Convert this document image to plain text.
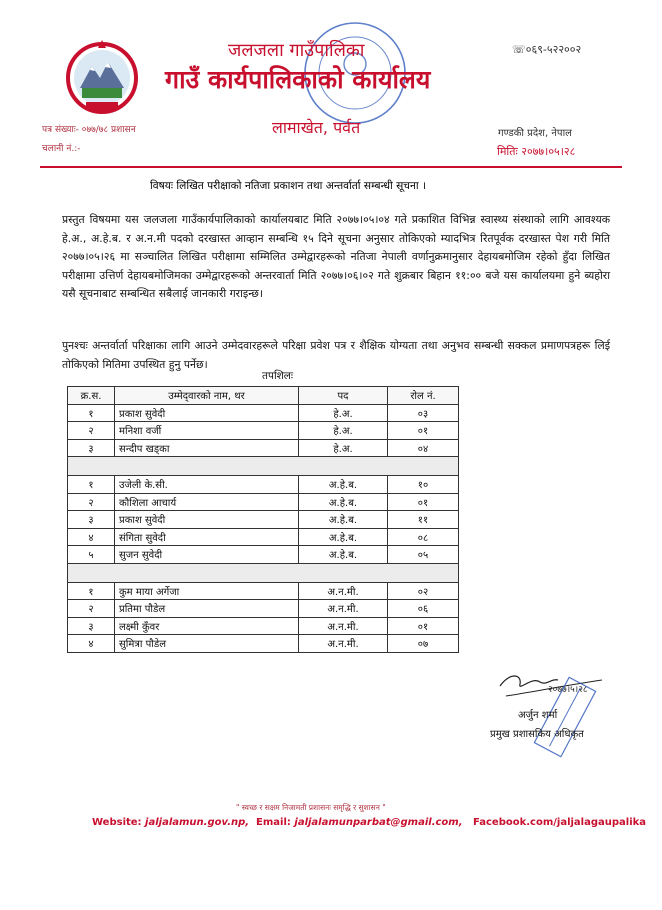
जलजला गाउँपालिका
गाउँ कार्यपालिकाको कार्यालय
लामाखेत, पर्वत
☏०६९-५२२००२
गण्डकी प्रदेश, नेपाल
मितिः २०७७।०५।२८
पत्र संख्याः- ०७७/७८ प्रशासन
चलानी नं.:-
विषयः लिखित परीक्षाको नतिजा प्रकाशन तथा अन्तर्वार्ता सम्बन्धी सूचना ।
प्रस्तुत विषयमा यस जलजला गाउँकार्यपालिकाको कार्यालयबाट मिति २०७७।०५।०४ गते प्रकाशित विभिन्न स्वास्थ्य संस्थाको लागि आवश्यक हे.अ., अ.हे.ब. र अ.न.मी पदको दरखास्त आव्हान सम्बन्धि १५ दिने सूचना अनुसार तोकिएको म्यादभित्र रितपूर्वक दरखास्त पेश गरी मिति २०७७।०५।२६ मा सञ्चालित लिखित परीक्षामा सम्मिलित उम्मेद्वारहरूको नतिजा नेपाली वर्णानुक्रमानुसार देहायबमोजिम रहेको हुँदा लिखित परीक्षामा उत्तिर्ण देहायबमोजिमका उम्मेद्वारहरूको अन्तरवार्ता मिति २०७७।०६।०२ गते शुक्रबार बिहान ११:०० बजे यस कार्यालयमा हुने ब्यहोरा यसै सूचनाबाट सम्बन्धित सबैलाई जानकारी गराइन्छ।
पुनश्चः अन्तर्वार्ता परिक्षाका लागि आउने उम्मेदवारहरूले परिक्षा प्रवेश पत्र र शैक्षिक योग्यता तथा अनुभव सम्बन्धी सक्कल प्रमाणपत्रहरू लिई तोकिएको मितिमा उपस्थित हुनु पर्नेछ।
तपशिलः
क्र.स.	उम्मेद्‌वारको नाम, थर	पद	रोल नं.
१	प्रकाश सुवेदी	हे.अ.	०३
२	मनिशा वर्जी	हे.अ.	०१
३	सन्दीप खड्का	हे.अ.	०४

१	उजेली के.सी.	अ.हे.ब.	१०
२	कौशिला आचार्य	अ.हे.ब.	०१
३	प्रकाश सुवेदी	अ.हे.ब.	११
४	संगिता सुवेदी	अ.हे.ब.	०८
५	सुजन सुवेदी	अ.हे.ब.	०५

१	कुम माया अर्गेजा	अ.न.मी.	०२
२	प्रतिमा पौडेल	अ.न.मी.	०६
३	लक्ष्मी कुँवर	अ.न.मी.	०१
४	सुमित्रा पौडेल	अ.न.मी.	०७
२०७७।५।२८
अर्जुन शर्मा
प्रमुख प्रशासकिय अधिकृत
" स्वच्छ र सक्षम निजामती प्रशासनः समृद्धि र सुशासन "
Website: jaljalamun.gov.np, Email: jaljalamunparbat@gmail.com, Facebook.com/jaljalagaupalika
